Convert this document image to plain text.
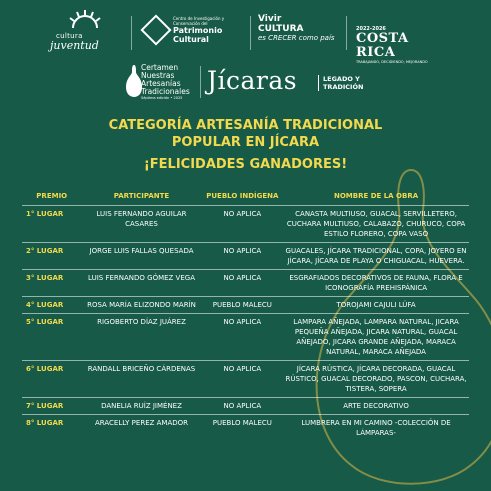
cultura
juventud
Centro de Investigación y Conservación del
Patrimonio
Cultural
Vivir
CULTURA
es CRECER como país
2022-2026
COSTA RICA
TRABAJANDO, DECIDIENDO, MEJORANDO
Certamen
Nuestras
Artesanías
Tradicionales
Séptima edición • 2025
Jícaras	LEGADO Y
TRADICIÓN
CATEGORÍA ARTESANÍA TRADICIONAL
POPULAR EN JÍCARA
¡FELICIDADES GANADORES!
PREMIO	PARTICIPANTE	PUEBLO INDÍGENA	NOMBRE DE LA OBRA
1° LUGAR	LUIS FERNANDO AGUILAR CASARES	NO APLICA	CANASTA MULTIUSO, GUACAL, SERVILLETERO, CUCHARA MULTIUSO, CALABAZO, CHURUCO, COPA ESTILO FLORERO, COPA VASO
2° LUGAR	JORGE LUIS FALLAS QUESADA	NO APLICA	GUACALES, JÍCARA TRADICIONAL, COPA, JOYERO EN JÍCARA, JÍCARA DE PLAYA O CHIGUACAL, HUEVERA.
3° LUGAR	LUIS FERNANDO GÓMEZ VEGA	NO APLICA	ESGRAFIADOS DECORATIVOS DE FAUNA, FLORA E ICONOGRAFÍA PREHISPÁNICA
4° LUGAR	ROSA MARÍA ELIZONDO MARÍN	PUEBLO MALECU	TOROJAMI CAJULI LÚFA
5° LUGAR	RIGOBERTO DÍAZ JUÁREZ	NO APLICA	LAMPARA AÑEJADA, LAMPARA NATURAL, JICARA PEQUEÑA AÑEJADA, JICARA NATURAL, GUACAL AÑEJADO, JICARA GRANDE AÑEJADA, MARACA NATURAL, MARACA AÑEJADA
6° LUGAR	RANDALL BRICEÑO CÁRDENAS	NO APLICA	JÍCARA RÚSTICA, JÍCARA DECORADA, GUACAL RÚSTICO, GUACAL DECORADO, PASCON, CUCHARA, TISTERA, SOPERA
7° LUGAR	DANELIA RUÍZ JIMÉNEZ	NO APLICA	ARTE DECORATIVO
8° LUGAR	ARACELLY PEREZ AMADOR	PUEBLO MALECU	LUMBRERA EN MI CAMINO -COLECCIÓN DE LÁMPARAS-
